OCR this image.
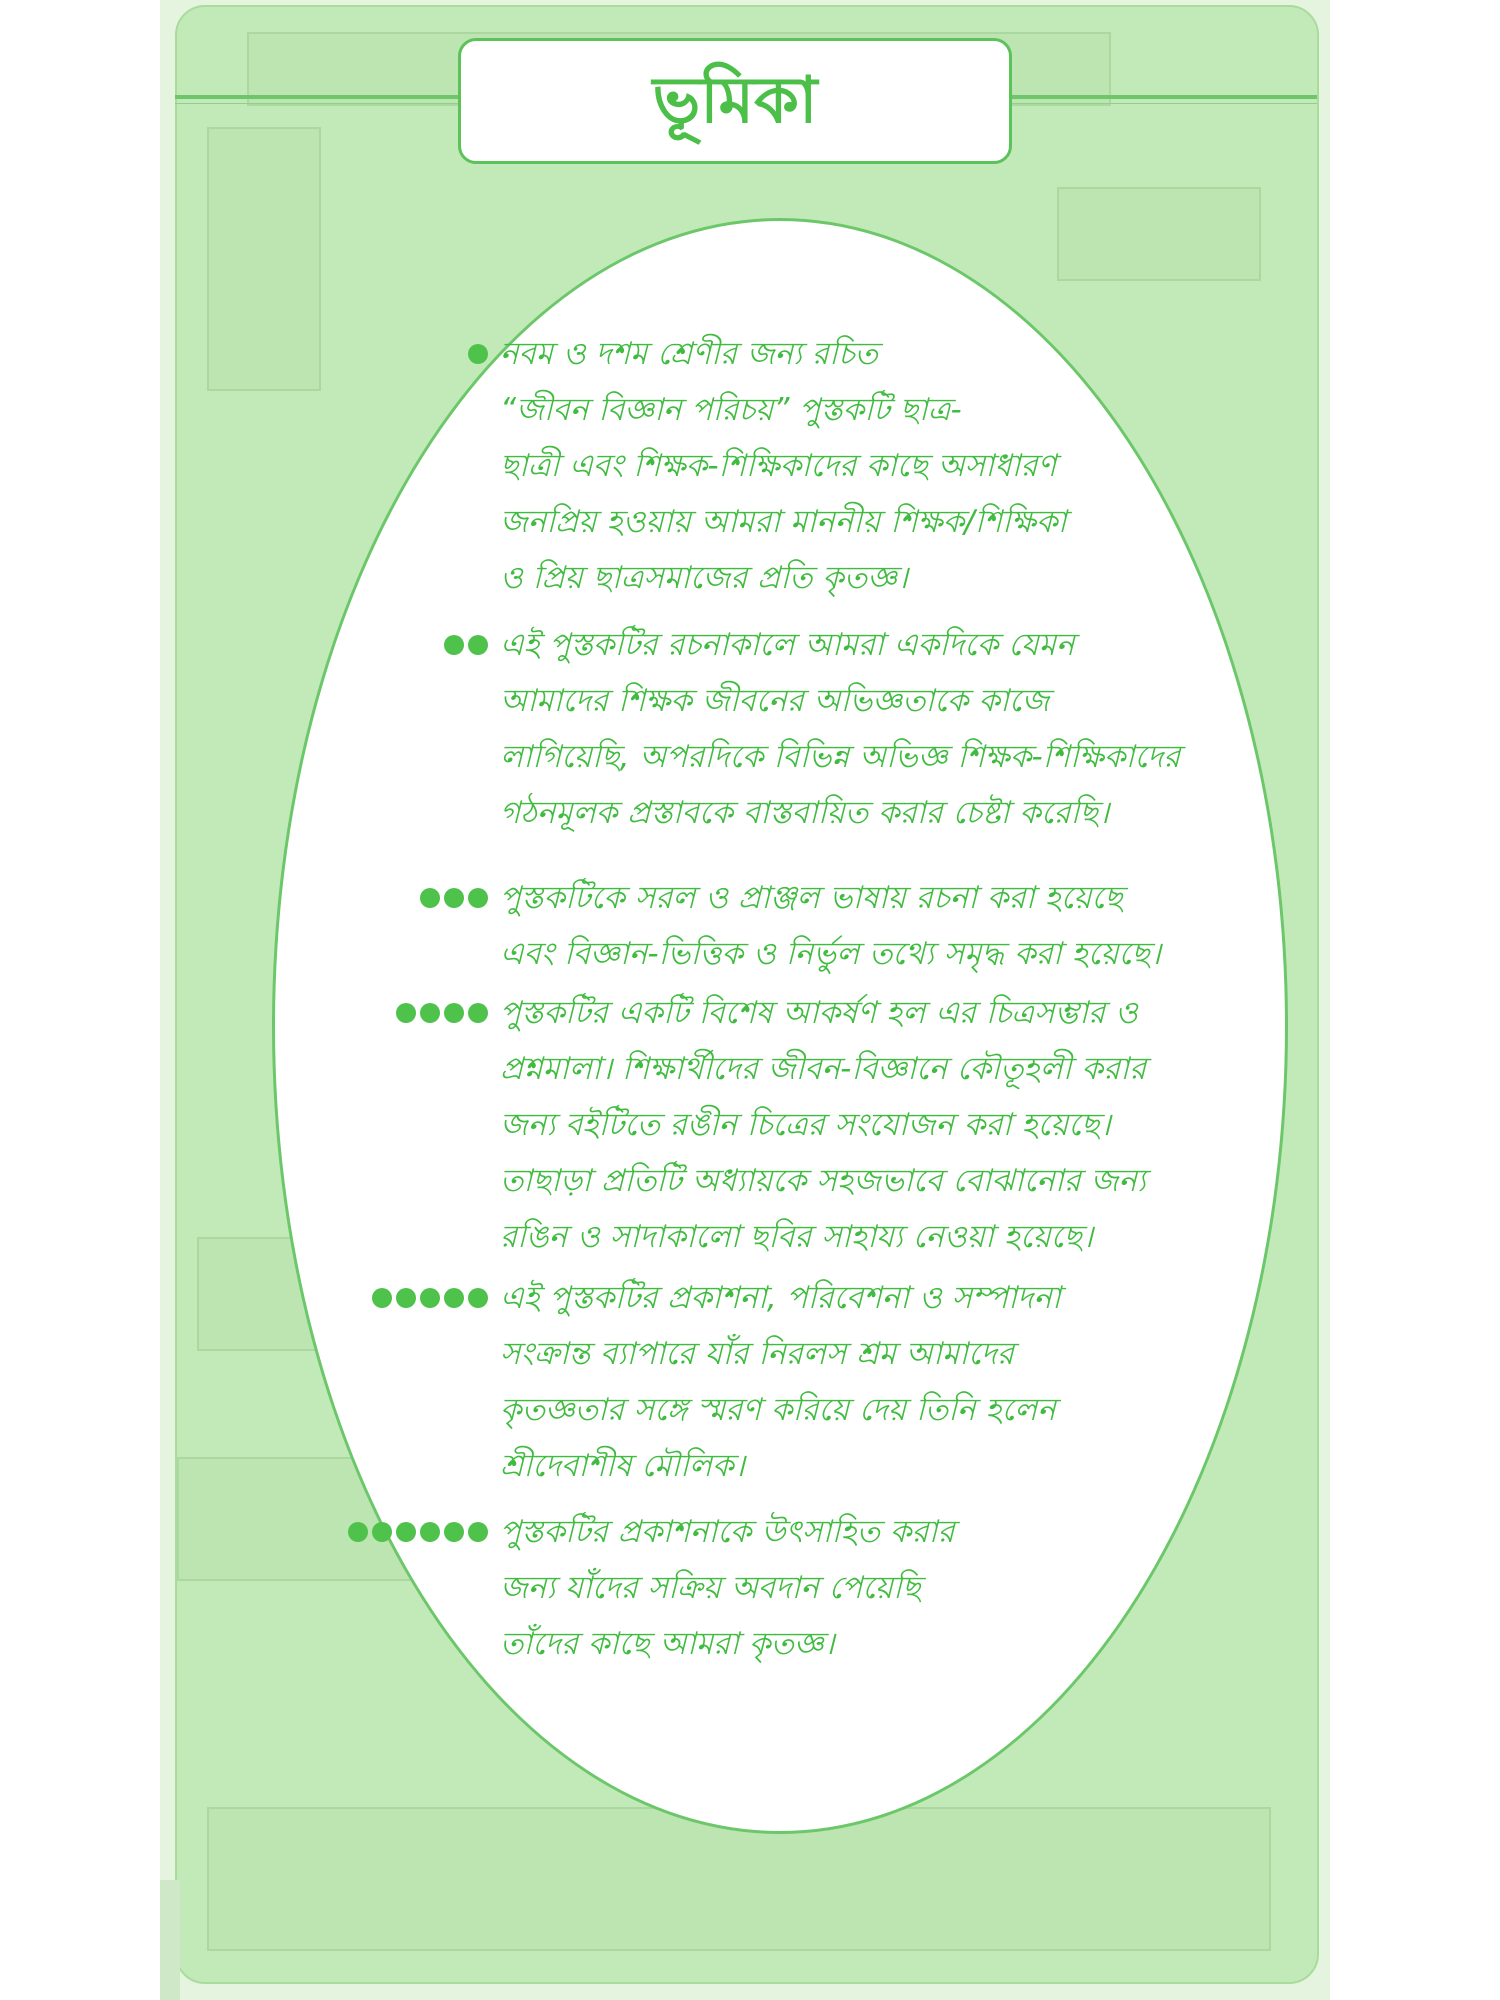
ভূমিকা
নবম ও দশম শ্রেণীর জন্য রচিত
“জীবন বিজ্ঞান পরিচয়” পুস্তকটি ছাত্র-
ছাত্রী এবং শিক্ষক-শিক্ষিকাদের কাছে অসাধারণ
জনপ্রিয় হওয়ায় আমরা মাননীয় শিক্ষক/শিক্ষিকা
ও প্রিয় ছাত্রসমাজের প্রতি কৃতজ্ঞ।
এই পুস্তকটির রচনাকালে আমরা একদিকে যেমন
আমাদের শিক্ষক জীবনের অভিজ্ঞতাকে কাজে
লাগিয়েছি, অপরদিকে বিভিন্ন অভিজ্ঞ শিক্ষক-শিক্ষিকাদের
গঠনমূলক প্রস্তাবকে বাস্তবায়িত করার চেষ্টা করেছি।
পুস্তকটিকে সরল ও প্রাঞ্জল ভাষায় রচনা করা হয়েছে
এবং বিজ্ঞান-ভিত্তিক ও নির্ভুল তথ্যে সমৃদ্ধ করা হয়েছে।
পুস্তকটির একটি বিশেষ আকর্ষণ হল এর চিত্রসম্ভার ও
প্রশ্নমালা। শিক্ষার্থীদের জীবন-বিজ্ঞানে কৌতূহলী করার
জন্য বইটিতে রঙীন চিত্রের সংযোজন করা হয়েছে।
তাছাড়া প্রতিটি অধ্যায়কে সহজভাবে বোঝানোর জন্য
রঙিন ও সাদাকালো ছবির সাহায্য নেওয়া হয়েছে।
এই পুস্তকটির প্রকাশনা, পরিবেশনা ও সম্পাদনা
সংক্রান্ত ব্যাপারে যাঁর নিরলস শ্রম আমাদের
কৃতজ্ঞতার সঙ্গে স্মরণ করিয়ে দেয় তিনি হলেন
শ্রীদেবাশীষ মৌলিক।
পুস্তকটির প্রকাশনাকে উৎসাহিত করার
জন্য যাঁদের সক্রিয় অবদান পেয়েছি
তাঁদের কাছে আমরা কৃতজ্ঞ।
